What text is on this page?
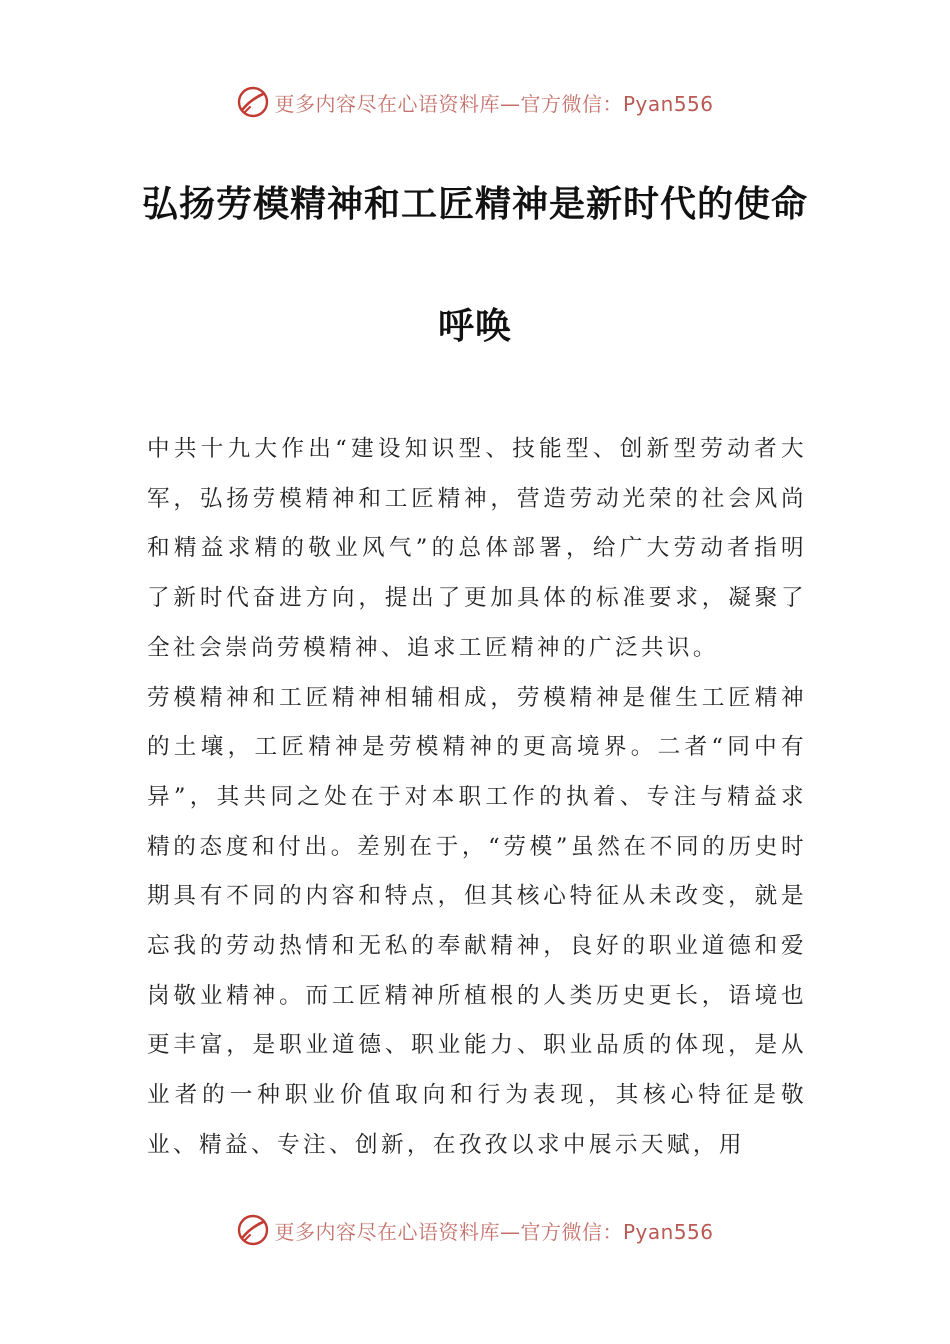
更多内容尽在心语资料库—官方微信：Pyan556
弘扬劳模精神和工匠精神是新时代的使命
呼唤

中共十九大作出“建设知识型、技能型、创新型劳动者大军，弘扬劳模精神和工匠精神，营造劳动光荣的社会风尚和精益求精的敬业风气”的总体部署，给广大劳动者指明了新时代奋进方向，提出了更加具体的标准要求，凝聚了全社会崇尚劳模精神、追求工匠精神的广泛共识。

劳模精神和工匠精神相辅相成，劳模精神是催生工匠精神的土壤，工匠精神是劳模精神的更高境界。二者“同中有异”，其共同之处在于对本职工作的执着、专注与精益求精的态度和付出。差别在于，“劳模”虽然在不同的历史时期具有不同的内容和特点，但其核心特征从未改变，就是忘我的劳动热情和无私的奉献精神，良好的职业道德和爱岗敬业精神。而工匠精神所植根的人类历史更长，语境也更丰富，是职业道德、职业能力、职业品质的体现，是从业者的一种职业价值取向和行为表现，其核心特征是敬业、精益、专注、创新，在孜孜以求中展示天赋，用

更多内容尽在心语资料库—官方微信：Pyan556
